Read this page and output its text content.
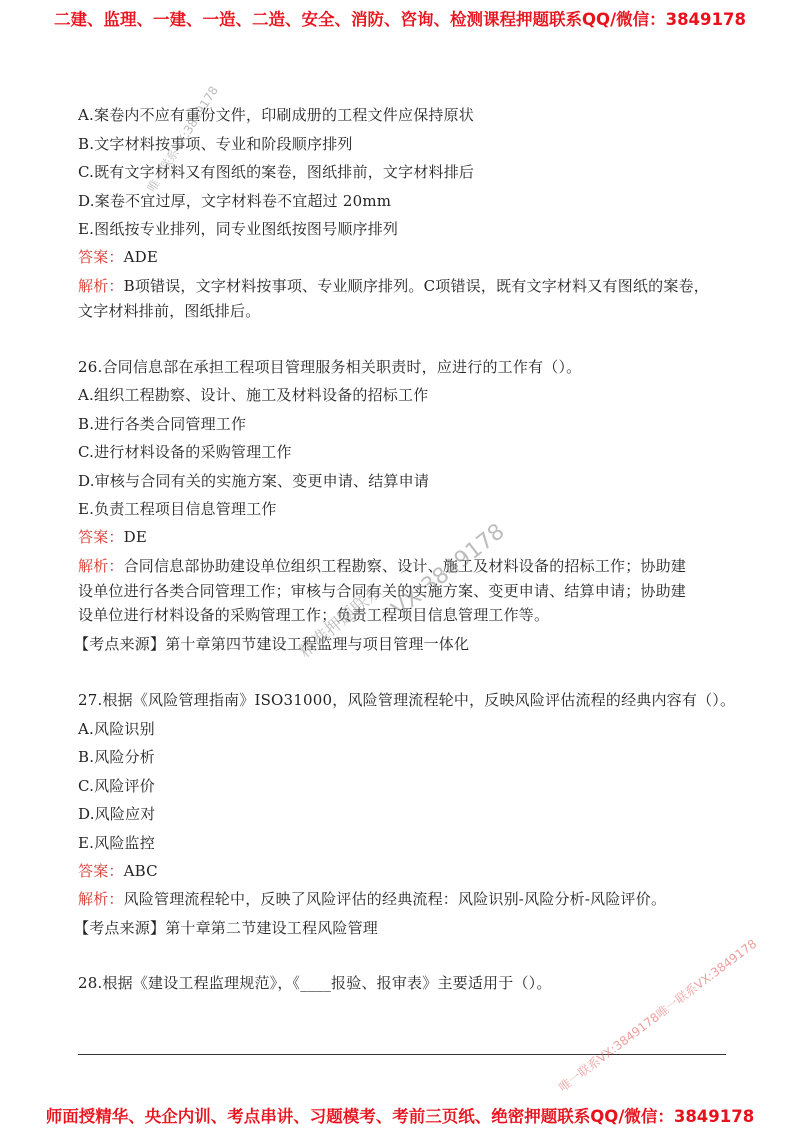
二建、监理、一建、一造、二造、安全、消防、咨询、检测课程押题联系QQ/微信：3849178
A.案卷内不应有重份文件，印刷成册的工程文件应保持原状
B.文字材料按事项、专业和阶段顺序排列
C.既有文字材料又有图纸的案卷，图纸排前，文字材料排后
D.案卷不宜过厚，文字材料卷不宜超过 20mm
E.图纸按专业排列，同专业图纸按图号顺序排列
答案：ADE
解析：B项错误，文字材料按事项、专业顺序排列。C项错误，既有文字材料又有图纸的案卷，
文字材料排前，图纸排后。
26.合同信息部在承担工程项目管理服务相关职责时，应进行的工作有（）。
A.组织工程勘察、设计、施工及材料设备的招标工作
B.进行各类合同管理工作
C.进行材料设备的采购管理工作
D.审核与合同有关的实施方案、变更申请、结算申请
E.负责工程项目信息管理工作
答案：DE
解析：合同信息部协助建设单位组织工程勘察、设计、施工及材料设备的招标工作；协助建
设单位进行各类合同管理工作；审核与合同有关的实施方案、变更申请、结算申请；协助建
设单位进行材料设备的采购管理工作；负责工程项目信息管理工作等。
【考点来源】第十章第四节建设工程监理与项目管理一体化
27.根据《风险管理指南》ISO31000，风险管理流程轮中，反映风险评估流程的经典内容有（）。
A.风险识别
B.风险分析
C.风险评价
D.风险应对
E.风险监控
答案：ABC
解析：风险管理流程轮中，反映了风险评估的经典流程：风险识别-风险分析-风险评价。
【考点来源】第十章第二节建设工程风险管理
28.根据《建设工程监理规范》，《____报验、报审表》主要适用于（）。
唯一联系VX:3849178
VX:3849178
精准押题联系
唯一联系VX:3849178唯一联系VX:3849178
师面授精华、央企内训、考点串讲、习题模考、考前三页纸、绝密押题联系QQ/微信：3849178
